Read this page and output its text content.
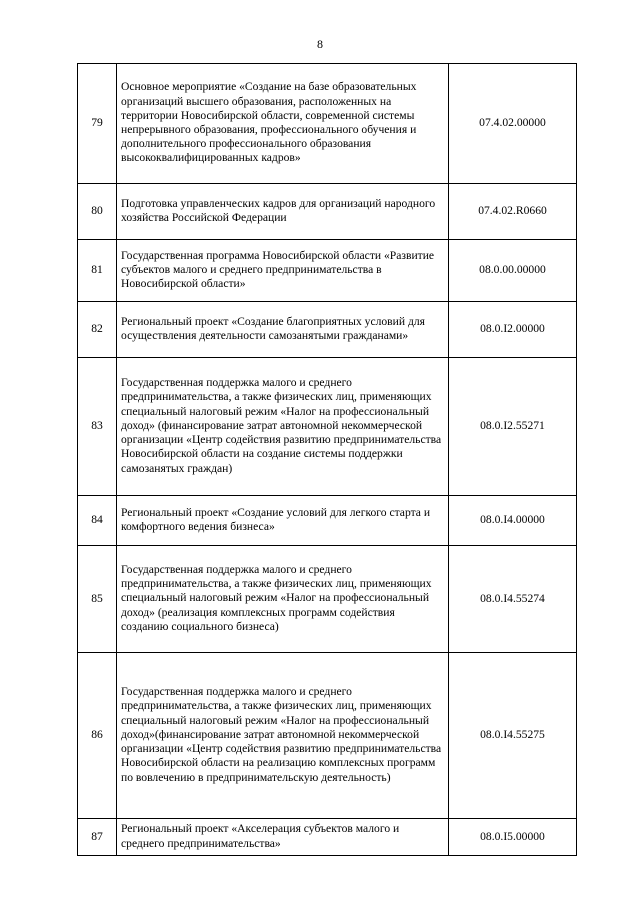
8
79	Основное мероприятие «Создание на базе образовательных организаций высшего образования, расположенных на территории Новосибирской области, современной системы непрерывного образования, профессионального обучения и дополнительного профессионального образования высококвалифицированных кадров»	07.4.02.00000
80	Подготовка управленческих кадров для организаций народного хозяйства Российской Федерации	07.4.02.R0660
81	Государственная программа Новосибирской области «Развитие субъектов малого и среднего предпринимательства в Новосибирской области»	08.0.00.00000
82	Региональный проект «Создание благоприятных условий для осуществления деятельности самозанятыми гражданами»	08.0.I2.00000
83	Государственная поддержка малого и среднего предпринимательства, а также физических лиц, применяющих специальный налоговый режим «Налог на профессиональный доход» (финансирование затрат автономной некоммерческой организации «Центр содействия развитию предпринимательства Новосибирской области на создание системы поддержки самозанятых граждан)	08.0.I2.55271
84	Региональный проект «Создание условий для легкого старта и комфортного ведения бизнеса»	08.0.I4.00000
85	Государственная поддержка малого и среднего предпринимательства, а также физических лиц, применяющих специальный налоговый режим «Налог на профессиональный доход» (реализация комплексных программ содействия созданию социального бизнеса)	08.0.I4.55274
86	Государственная поддержка малого и среднего предпринимательства, а также физических лиц, применяющих специальный налоговый режим «Налог на профессиональный доход»(финансирование затрат автономной некоммерческой организации «Центр содействия развитию предпринимательства Новосибирской области на реализацию комплексных программ по вовлечению в предпринимательскую деятельность)	08.0.I4.55275
87	Региональный проект «Акселерация субъектов малого и среднего предпринимательства»	08.0.I5.00000
